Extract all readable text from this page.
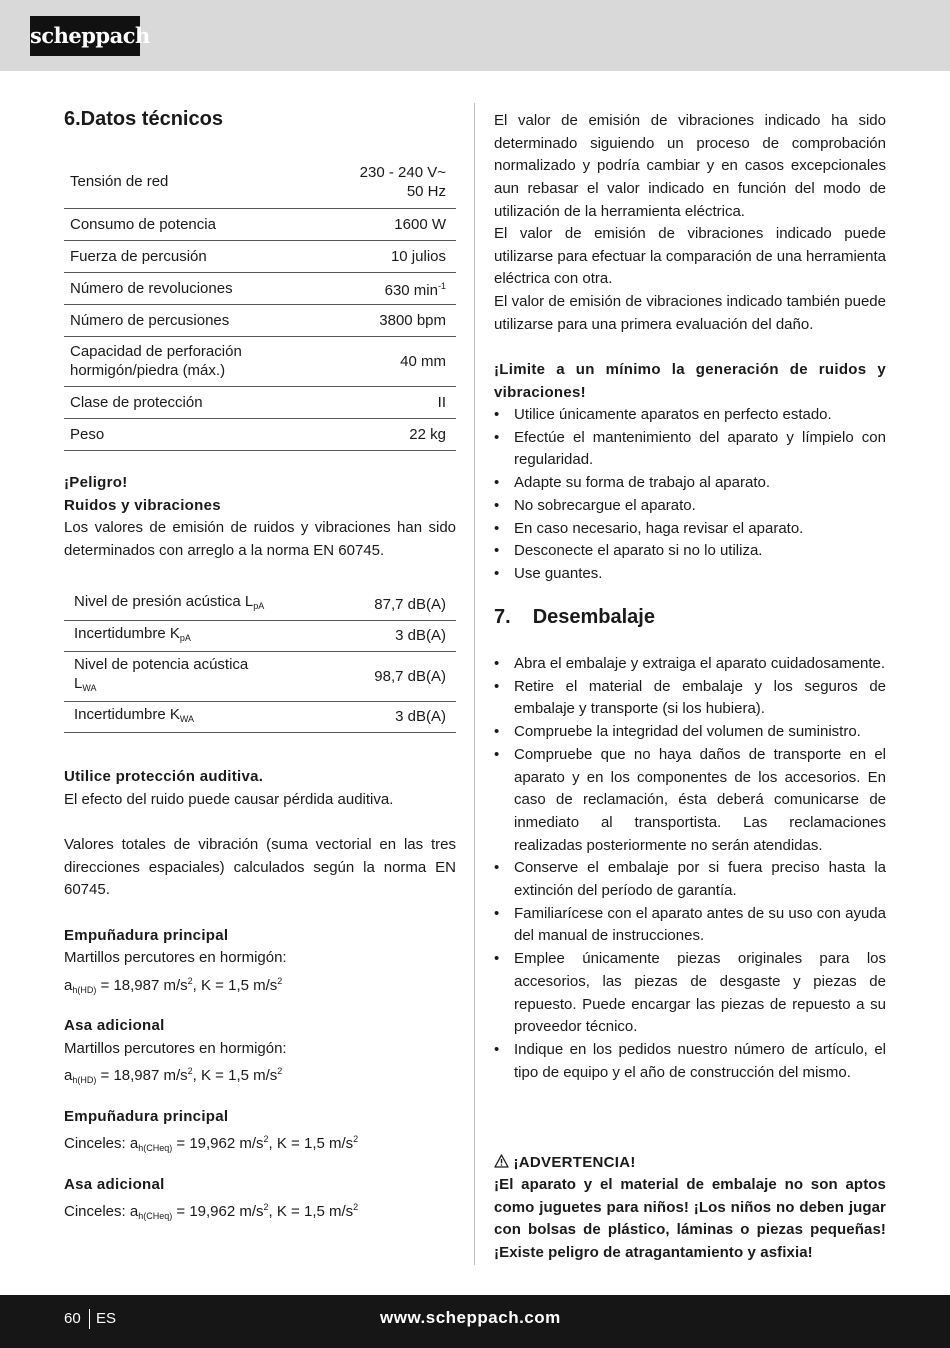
scheppach
6.Datos técnicos
Tensión de red	230 - 240 V~
50 Hz
Consumo de potencia	1600 W
Fuerza de percusión	10 julios
Número de revoluciones	630 $\min^{-1}$
Número de percusiones	3800 bpm
Capacidad de perforación
hormigón/piedra (máx.)	40 mm
Clase de protección	II
Peso	22 kg

¡Peligro!

Ruidos y vibraciones

Los valores de emisión de ruidos y vibraciones han sido determinados con arreglo a la norma EN 60745.

Nivel de presión acústica $L_{pA}$	87,7 dB(A)
Incertidumbre $K_{pA}$	3 dB(A)
Nivel de potencia acústica
$L_{WA}$	98,7 dB(A)
Incertidumbre $K_{WA}$	3 dB(A)

Utilice protección auditiva.

El efecto del ruido puede causar pérdida auditiva.

Valores totales de vibración (suma vectorial en las tres direcciones espaciales) calculados según la norma EN 60745.

Empuñadura principal

Martillos percutores en hormigón:

$a_{h(HD)} = 18,987$ $m/s^2$, K = 1,5 $m/s^2$

Asa adicional

Martillos percutores en hormigón:

$a_{h(HD)} = 18,987$ $m/s^2$, K = 1,5 $m/s^2$

Empuñadura principal

Cinceles: $a_{h(CHeq)} = 19,962$ $m/s^2$, K = 1,5 $m/s^2$

Asa adicional

Cinceles: $a_{h(CHeq)} = 19,962$ $m/s^2$, K = 1,5 $m/s^2$

El valor de emisión de vibraciones indicado ha sido determinado siguiendo un proceso de comprobación normalizado y podría cambiar y en casos excepcionales aun rebasar el valor indicado en función del modo de utilización de la herramienta eléctrica.

El valor de emisión de vibraciones indicado puede utilizarse para efectuar la comparación de una herramienta eléctrica con otra.

El valor de emisión de vibraciones indicado también puede utilizarse para una primera evaluación del daño.

¡Limite a un mínimo la generación de ruidos y vibraciones!

• Utilice únicamente aparatos en perfecto estado.
• Efectúe el mantenimiento del aparato y límpielo con regularidad.
• Adapte su forma de trabajo al aparato.
• No sobrecargue el aparato.
• En caso necesario, haga revisar el aparato.
• Desconecte el aparato si no lo utiliza.
• Use guantes.
7. Desembalaje
• Abra el embalaje y extraiga el aparato cuidadosamente.
• Retire el material de embalaje y los seguros de embalaje y transporte (si los hubiera).
• Compruebe la integridad del volumen de suministro.
• Compruebe que no haya daños de transporte en el aparato y en los componentes de los accesorios. En caso de reclamación, ésta deberá comunicarse de inmediato al transportista. Las reclamaciones realizadas posteriormente no serán atendidas.
• Conserve el embalaje por si fuera preciso hasta la extinción del período de garantía.
• Familiarícese con el aparato antes de su uso con ayuda del manual de instrucciones.
• Emplee únicamente piezas originales para los accesorios, las piezas de desgaste y piezas de repuesto. Puede encargar las piezas de repuesto a su proveedor técnico.
• Indique en los pedidos nuestro número de artículo, el tipo de equipo y el año de construcción del mismo.

¡ADVERTENCIA!

¡El aparato y el material de embalaje no son aptos como juguetes para niños! ¡Los niños no deben jugar con bolsas de plástico, láminas o piezas pequeñas! ¡Existe peligro de atragantamiento y asfixia!

60 ES	www.scheppach.com
